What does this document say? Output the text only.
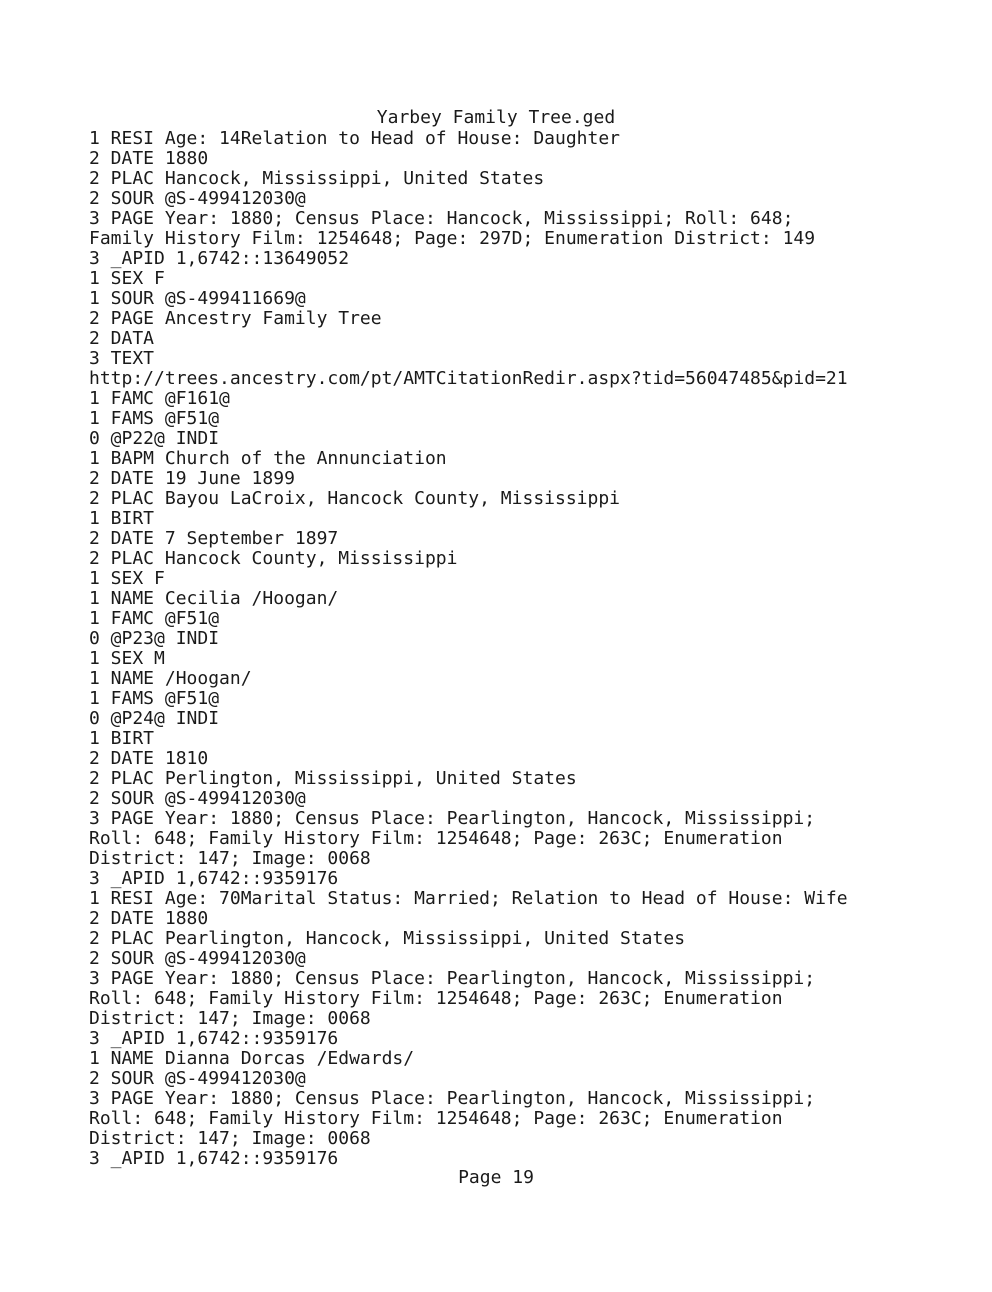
Yarbey Family Tree.ged
1 RESI Age: 14Relation to Head of House: Daughter
2 DATE 1880
2 PLAC Hancock, Mississippi, United States
2 SOUR @S-499412030@
3 PAGE Year: 1880; Census Place: Hancock, Mississippi; Roll: 648;
Family History Film: 1254648; Page: 297D; Enumeration District: 149
3 _APID 1,6742::13649052
1 SEX F
1 SOUR @S-499411669@
2 PAGE Ancestry Family Tree
2 DATA
3 TEXT
http://trees.ancestry.com/pt/AMTCitationRedir.aspx?tid=56047485&pid=21
1 FAMC @F161@
1 FAMS @F51@
0 @P22@ INDI
1 BAPM Church of the Annunciation
2 DATE 19 June 1899
2 PLAC Bayou LaCroix, Hancock County, Mississippi
1 BIRT
2 DATE 7 September 1897
2 PLAC Hancock County, Mississippi
1 SEX F
1 NAME Cecilia /Hoogan/
1 FAMC @F51@
0 @P23@ INDI
1 SEX M
1 NAME /Hoogan/
1 FAMS @F51@
0 @P24@ INDI
1 BIRT
2 DATE 1810
2 PLAC Perlington, Mississippi, United States
2 SOUR @S-499412030@
3 PAGE Year: 1880; Census Place: Pearlington, Hancock, Mississippi;
Roll: 648; Family History Film: 1254648; Page: 263C; Enumeration
District: 147; Image: 0068
3 _APID 1,6742::9359176
1 RESI Age: 70Marital Status: Married; Relation to Head of House: Wife
2 DATE 1880
2 PLAC Pearlington, Hancock, Mississippi, United States
2 SOUR @S-499412030@
3 PAGE Year: 1880; Census Place: Pearlington, Hancock, Mississippi;
Roll: 648; Family History Film: 1254648; Page: 263C; Enumeration
District: 147; Image: 0068
3 _APID 1,6742::9359176
1 NAME Dianna Dorcas /Edwards/
2 SOUR @S-499412030@
3 PAGE Year: 1880; Census Place: Pearlington, Hancock, Mississippi;
Roll: 648; Family History Film: 1254648; Page: 263C; Enumeration
District: 147; Image: 0068
3 _APID 1,6742::9359176
Page 19
